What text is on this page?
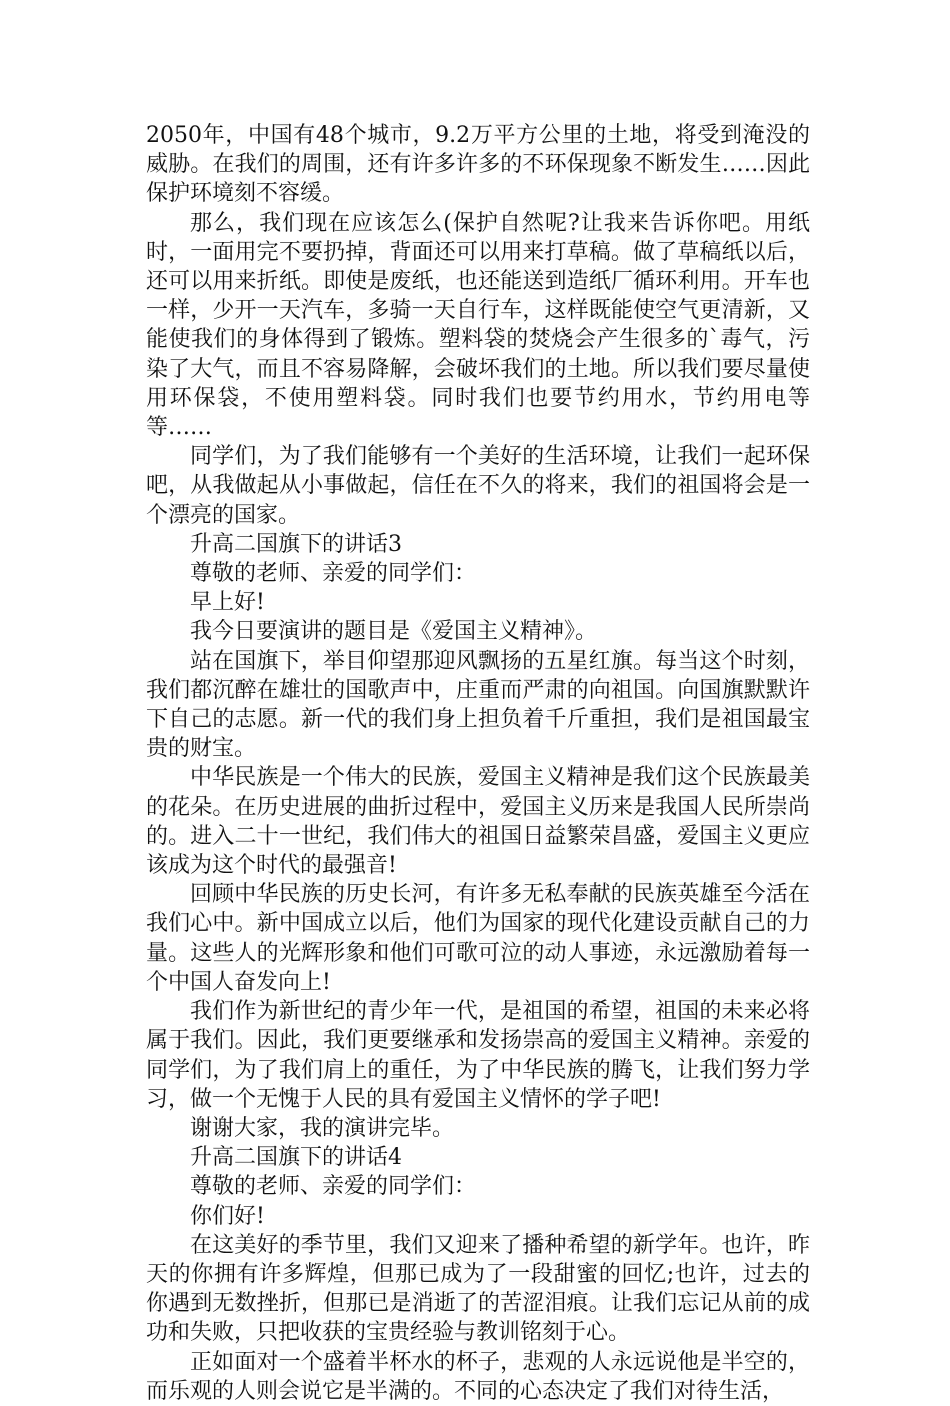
2050年，中国有48个城市，9.2万平方公里的土地，将受到淹没的威胁。在我们的周围，还有许多许多的不环保现象不断发生……因此保护环境刻不容缓。

那么，我们现在应该怎么(保护自然呢?让我来告诉你吧。用纸时，一面用完不要扔掉，背面还可以用来打草稿。做了草稿纸以后，还可以用来折纸。即使是废纸，也还能送到造纸厂循环利用。开车也一样，少开一天汽车，多骑一天自行车，这样既能使空气更清新，又能使我们的身体得到了锻炼。塑料袋的焚烧会产生很多的`毒气，污染了大气，而且不容易降解，会破坏我们的土地。所以我们要尽量使用环保袋，不使用塑料袋。同时我们也要节约用水，节约用电等等……

同学们，为了我们能够有一个美好的生活环境，让我们一起环保吧，从我做起从小事做起，信任在不久的将来，我们的祖国将会是一个漂亮的国家。

升高二国旗下的讲话3

尊敬的老师、亲爱的同学们：

早上好!

我今日要演讲的题目是《爱国主义精神》。

站在国旗下，举目仰望那迎风飘扬的五星红旗。每当这个时刻，我们都沉醉在雄壮的国歌声中，庄重而严肃的向祖国。向国旗默默许下自己的志愿。新一代的我们身上担负着千斤重担，我们是祖国最宝贵的财宝。

中华民族是一个伟大的民族，爱国主义精神是我们这个民族最美的花朵。在历史进展的曲折过程中，爱国主义历来是我国人民所崇尚的。进入二十一世纪，我们伟大的祖国日益繁荣昌盛，爱国主义更应该成为这个时代的最强音!

回顾中华民族的历史长河，有许多无私奉献的民族英雄至今活在我们心中。新中国成立以后，他们为国家的现代化建设贡献自己的力量。这些人的光辉形象和他们可歌可泣的动人事迹，永远激励着每一个中国人奋发向上!

我们作为新世纪的青少年一代，是祖国的希望，祖国的未来必将属于我们。因此，我们更要继承和发扬崇高的爱国主义精神。亲爱的同学们，为了我们肩上的重任，为了中华民族的腾飞，让我们努力学习，做一个无愧于人民的具有爱国主义情怀的学子吧!

谢谢大家，我的演讲完毕。

升高二国旗下的讲话4

尊敬的老师、亲爱的同学们：

你们好!

在这美好的季节里，我们又迎来了播种希望的新学年。也许，昨天的你拥有许多辉煌，但那已成为了一段甜蜜的回忆;也许，过去的你遇到无数挫折，但那已是消逝了的苦涩泪痕。让我们忘记从前的成功和失败，只把收获的宝贵经验与教训铭刻于心。

正如面对一个盛着半杯水的杯子，悲观的人永远说他是半空的，而乐观的人则会说它是半满的。不同的心态决定了我们对待生活，
